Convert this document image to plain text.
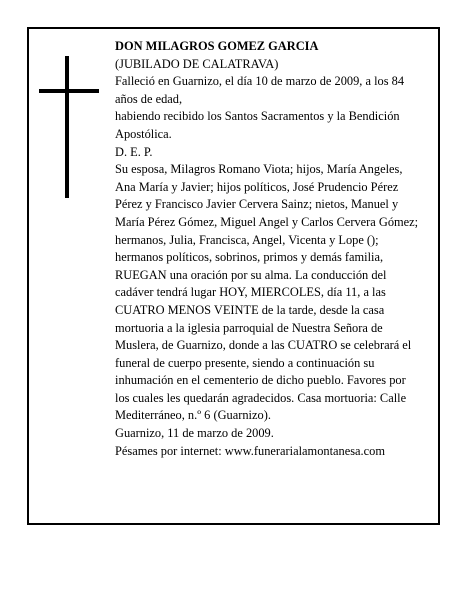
DON MILAGROS GOMEZ GARCIA
(JUBILADO DE CALATRAVA)
Falleció en Guarnizo, el día 10 de marzo de 2009, a los 84 años de edad,
habiendo recibido los Santos Sacramentos y la Bendición Apostólica.
D. E. P.
Su esposa, Milagros Romano Viota; hijos, María Angeles, Ana María y Javier; hijos políticos, José Prudencio Pérez Pérez y Francisco Javier Cervera Sainz; nietos, Manuel y María Pérez Gómez, Miguel Angel y Carlos Cervera Gómez; hermanos, Julia, Francisca, Angel, Vicenta y Lope (); hermanos políticos, sobrinos, primos y demás familia,
RUEGAN una oración por su alma. La conducción del cadáver tendrá lugar HOY, MIERCOLES, día 11, a las CUATRO MENOS VEINTE de la tarde, desde la casa mortuoria a la iglesia parroquial de Nuestra Señora de Muslera, de Guarnizo, donde a las CUATRO se celebrará el funeral de cuerpo presente, siendo a continuación su inhumación en el cementerio de dicho pueblo. Favores por los cuales les quedarán agradecidos. Casa mortuoria: Calle Mediterráneo, n.º 6 (Guarnizo).
Guarnizo, 11 de marzo de 2009.
Pésames por internet: www.funerarialamontanesa.com
